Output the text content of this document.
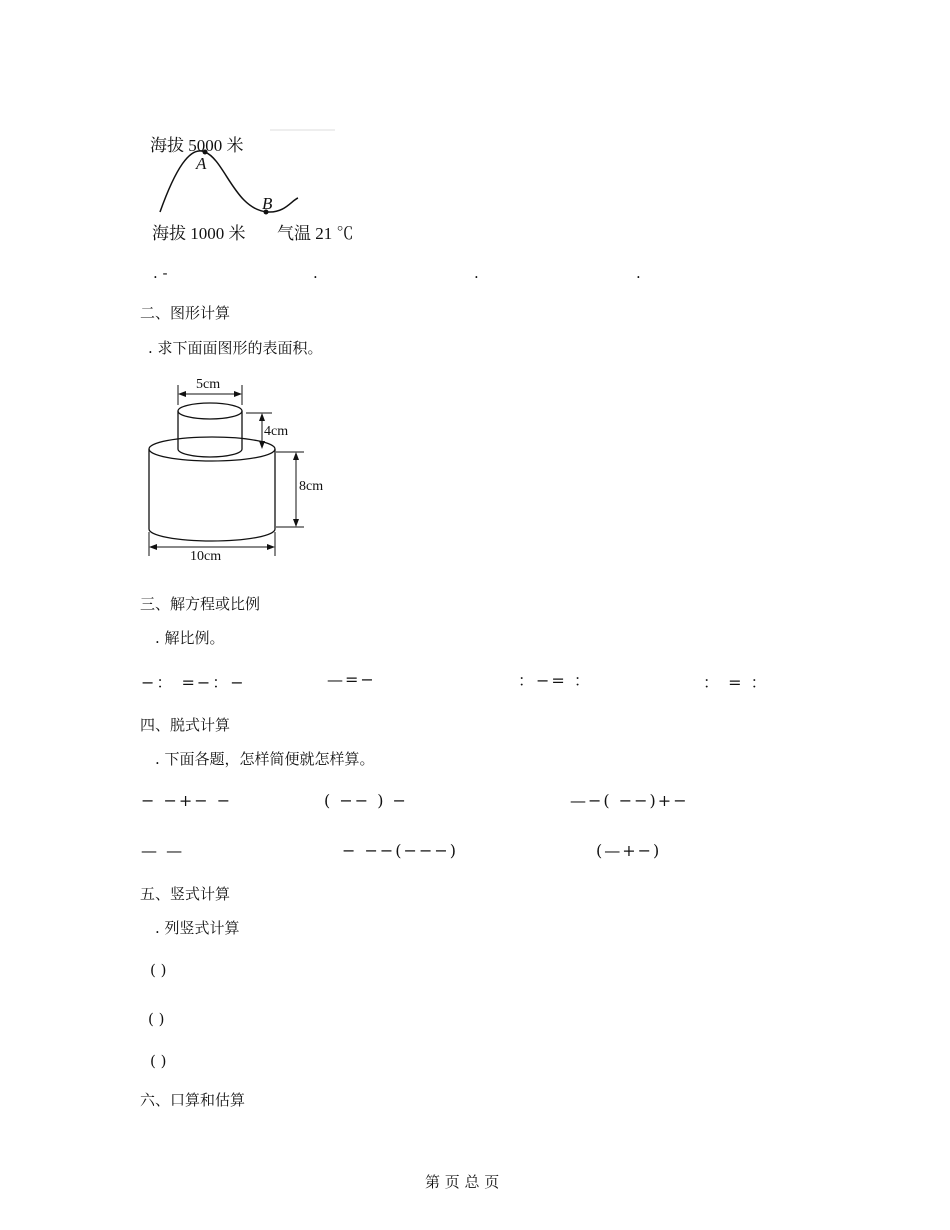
海拔 5000 米
A
B
海拔 1000 米 气温 21 ℃
. -	.	.	.
二、图形计算
. 求下面面图形的表面积。
5cm
4cm
8cm
10cm
三、解方程或比例
. 解比例。
−： =−：−	—=−	：−= ：	： = ：
四、脱式计算
. 下面各题，怎样简便就怎样算。
− −+− −	( −− ) −	—−( −−)+−
— —	− −−(−−−)	(—+−)
五、竖式计算
. 列竖式计算
( )
( )
( )
六、口算和估算
第 页 总 页
